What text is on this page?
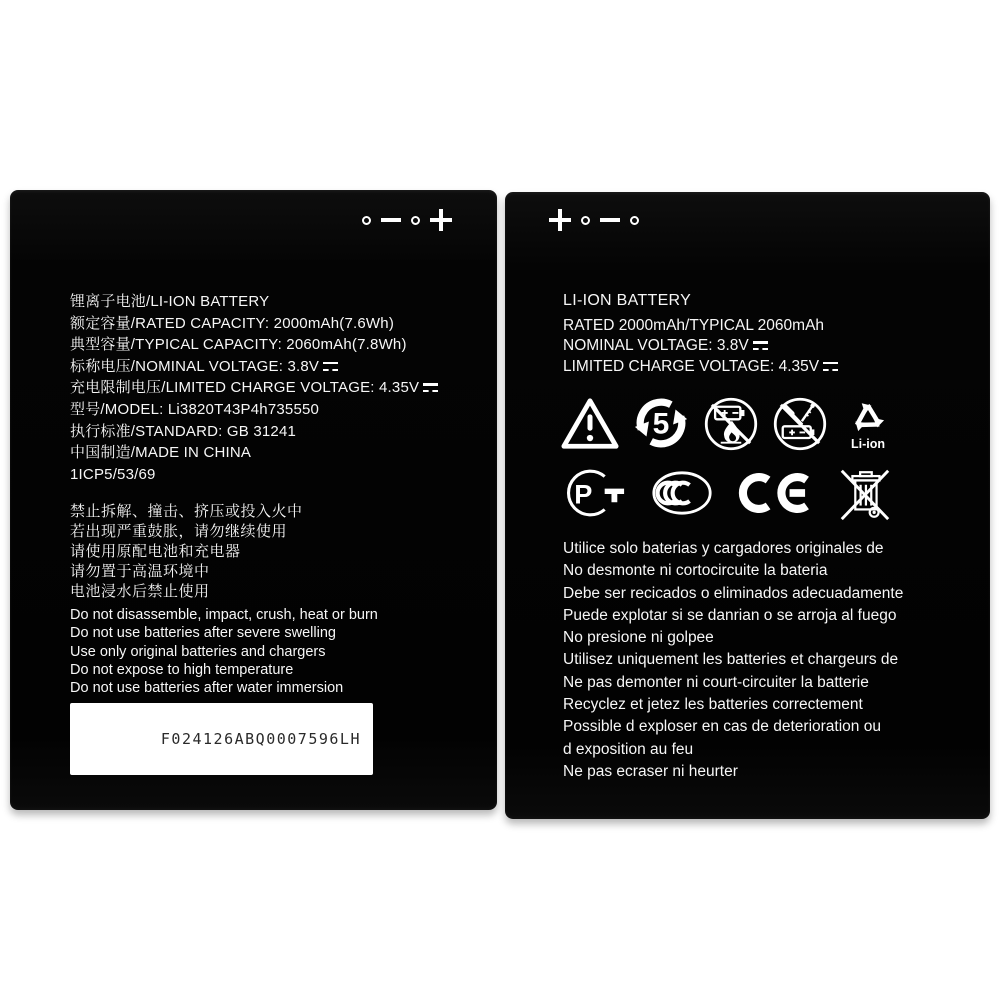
锂离子电池/LI-ION BATTERY
额定容量/RATED CAPACITY: 2000mAh(7.6Wh)
典型容量/TYPICAL CAPACITY: 2060mAh(7.8Wh)
标称电压/NOMINAL VOLTAGE: 3.8V
充电限制电压/LIMITED CHARGE VOLTAGE: 4.35V
型号/MODEL: Li3820T43P4h735550
执行标准/STANDARD: GB 31241
中国制造/MADE IN CHINA
1ICP5/53/69
禁止拆解、撞击、挤压或投入火中
若出现严重鼓胀，请勿继续使用
请使用原配电池和充电器
请勿置于高温环境中
电池浸水后禁止使用
Do not disassemble, impact, crush, heat or burn
Do not use batteries after severe swelling
Use only original batteries and chargers
Do not expose to high temperature
Do not use batteries after water immersion
F024126ABQ0007596LH
LI-ION BATTERY
RATED 2000mAh/TYPICAL 2060mAh
NOMINAL VOLTAGE: 3.8V
LIMITED CHARGE VOLTAGE: 4.35V
5
Li-ion
P
Utilice solo baterias y cargadores originales de
No desmonte ni cortocircuite la bateria
Debe ser recicados o eliminados adecuadamente
Puede explotar si se danrian o se arroja al fuego
No presione ni golpee
Utilisez uniquement les batteries et chargeurs de
Ne pas demonter ni court-circuiter la batterie
Recyclez et jetez les batteries correctement
Possible d exploser en cas de deterioration ou
d exposition au feu
Ne pas ecraser ni heurter
